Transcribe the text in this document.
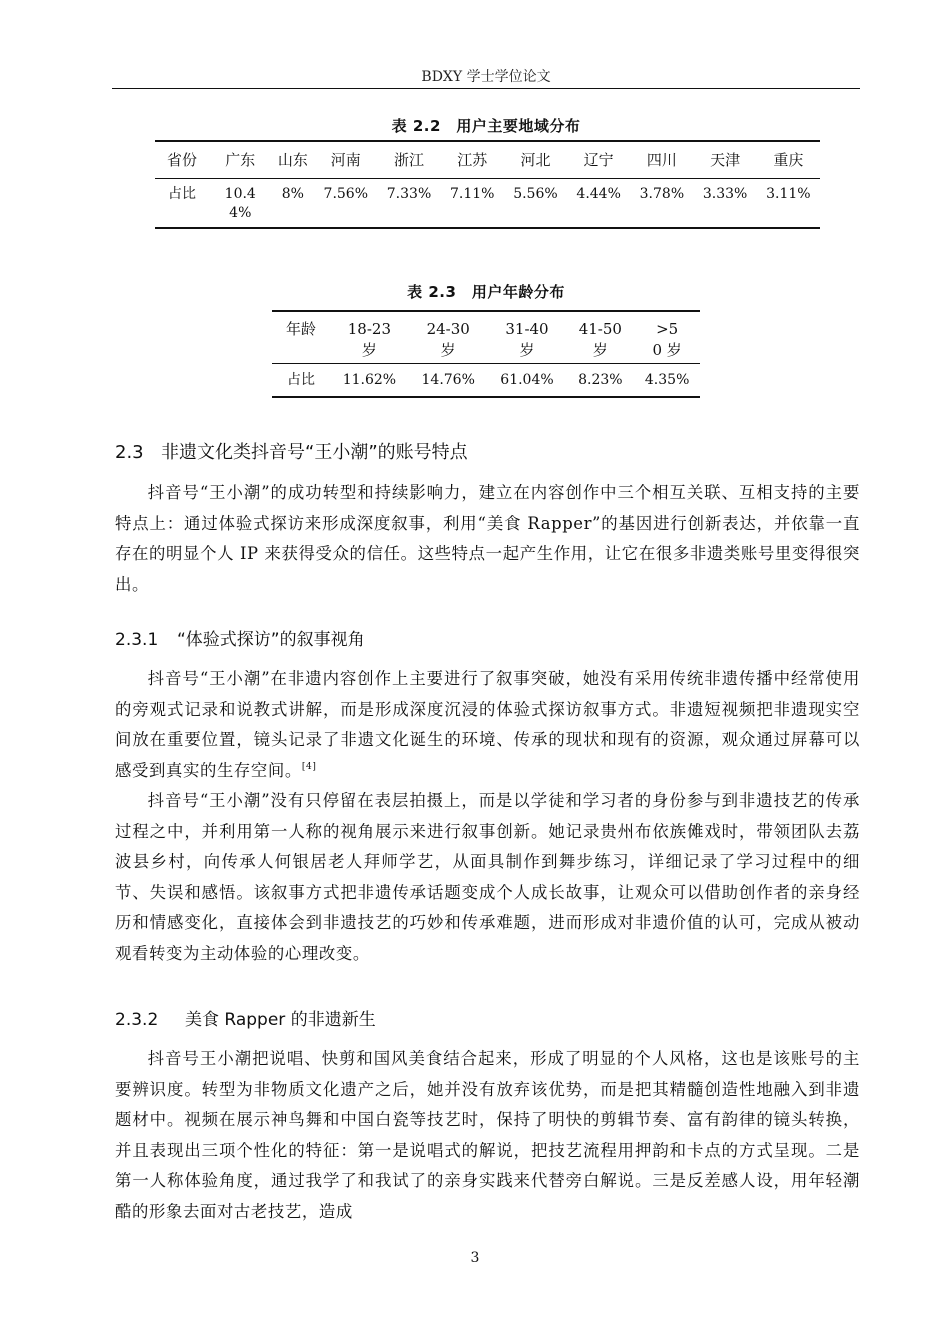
BDXY 学士学位论文
表 2.2　用户主要地域分布
省份	广东	山东	河南	浙江	江苏	河北	辽宁	四川	天津	重庆
占比	10.44%	8%	7.56%	7.33%	7.11%	5.56%	4.44%	3.78%	3.33%	3.11%
表 2.3　用户年龄分布
年龄	18-23 岁	24-30 岁	31-40 岁	41-50 岁	>50 岁
占比	11.62%	14.76%	61.04%	8.23%	4.35%
2.3 非遗文化类抖音号“王小潮”的账号特点

抖音号“王小潮”的成功转型和持续影响力，建立在内容创作中三个相互关联、互相支持的主要特点上：通过体验式探访来形成深度叙事，利用“美食 Rapper”的基因进行创新表达，并依靠一直存在的明显个人 IP 来获得受众的信任。这些特点一起产生作用，让它在很多非遗类账号里变得很突出。

2.3.1 “体验式探访”的叙事视角

抖音号“王小潮”在非遗内容创作上主要进行了叙事突破，她没有采用传统非遗传播中经常使用的旁观式记录和说教式讲解，而是形成深度沉浸的体验式探访叙事方式。非遗短视频把非遗现实空间放在重要位置，镜头记录了非遗文化诞生的环境、传承的现状和现有的资源，观众通过屏幕可以感受到真实的生存空间。[4]

抖音号“王小潮”没有只停留在表层拍摄上，而是以学徒和学习者的身份参与到非遗技艺的传承过程之中，并利用第一人称的视角展示来进行叙事创新。她记录贵州布依族傩戏时，带领团队去荔波县乡村，向传承人何银居老人拜师学艺，从面具制作到舞步练习，详细记录了学习过程中的细节、失误和感悟。该叙事方式把非遗传承话题变成个人成长故事，让观众可以借助创作者的亲身经历和情感变化，直接体会到非遗技艺的巧妙和传承难题，进而形成对非遗价值的认可，完成从被动观看转变为主动体验的心理改变。

2.3.2 美食 Rapper 的非遗新生

抖音号王小潮把说唱、快剪和国风美食结合起来，形成了明显的个人风格，这也是该账号的主要辨识度。转型为非物质文化遗产之后，她并没有放弃该优势，而是把其精髓创造性地融入到非遗题材中。视频在展示神鸟舞和中国白瓷等技艺时，保持了明快的剪辑节奏、富有韵律的镜头转换，并且表现出三项个性化的特征：第一是说唱式的解说，把技艺流程用押韵和卡点的方式呈现。二是第一人称体验角度，通过我学了和我试了的亲身实践来代替旁白解说。三是反差感人设，用年轻潮酷的形象去面对古老技艺，造成

3
